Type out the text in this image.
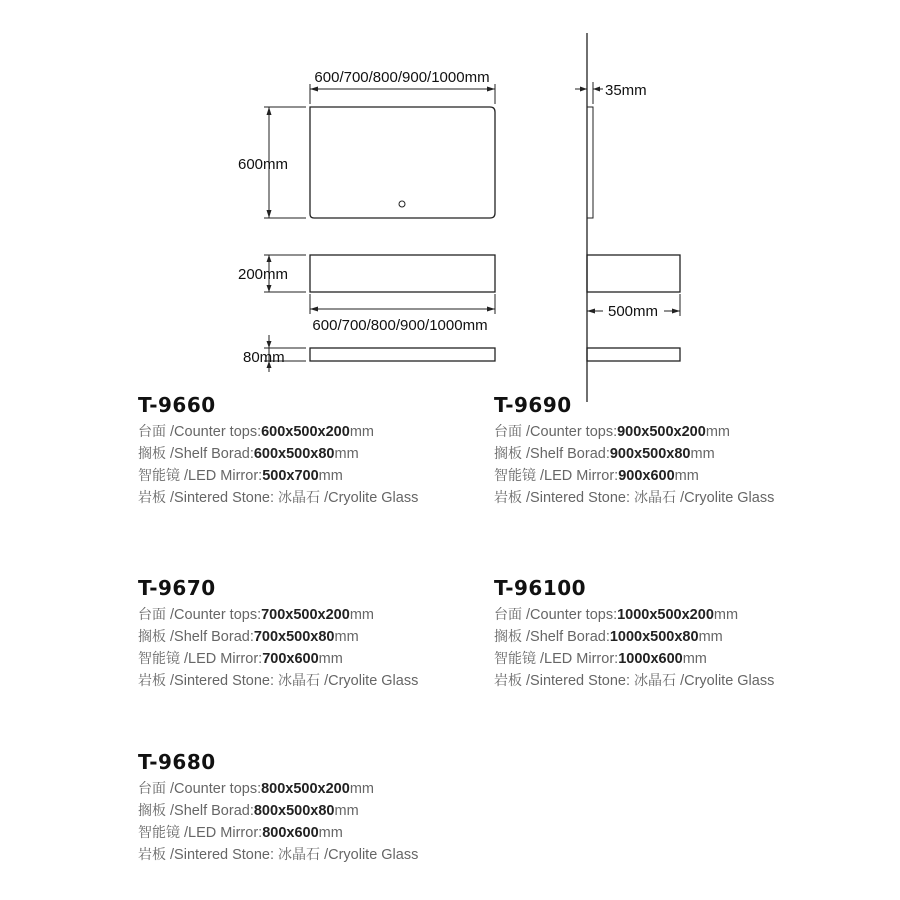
600/700/800/900/1000mm
600mm
200mm
600/700/800/900/1000mm
80mm
35mm
500mm
T-9660
台面 /Counter tops:600x500x200mm
搁板 /Shelf Borad:600x500x80mm
智能镜 /LED Mirror:500x700mm
岩板 /Sintered Stone: 冰晶石 /Cryolite Glass
T-9690
台面 /Counter tops:900x500x200mm
搁板 /Shelf Borad:900x500x80mm
智能镜 /LED Mirror:900x600mm
岩板 /Sintered Stone: 冰晶石 /Cryolite Glass
T-9670
台面 /Counter tops:700x500x200mm
搁板 /Shelf Borad:700x500x80mm
智能镜 /LED Mirror:700x600mm
岩板 /Sintered Stone: 冰晶石 /Cryolite Glass
T-96100
台面 /Counter tops:1000x500x200mm
搁板 /Shelf Borad:1000x500x80mm
智能镜 /LED Mirror:1000x600mm
岩板 /Sintered Stone: 冰晶石 /Cryolite Glass
T-9680
台面 /Counter tops:800x500x200mm
搁板 /Shelf Borad:800x500x80mm
智能镜 /LED Mirror:800x600mm
岩板 /Sintered Stone: 冰晶石 /Cryolite Glass
